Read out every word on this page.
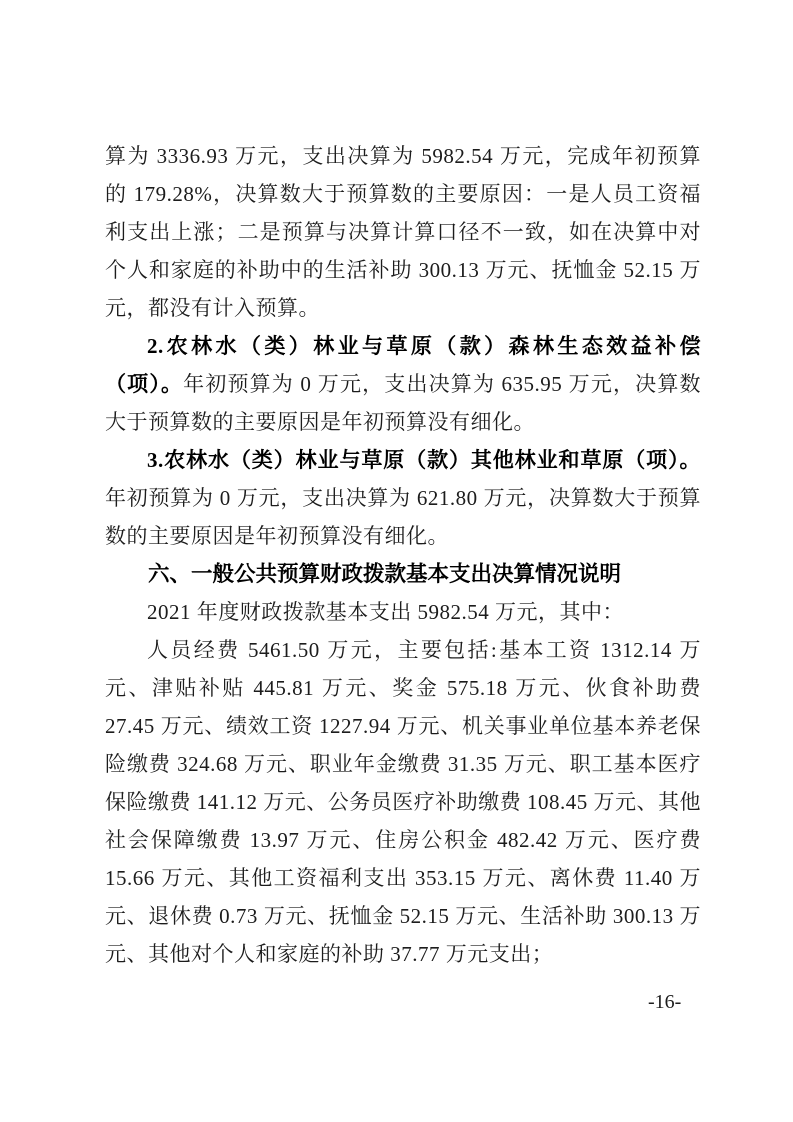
算为 3336.93 万元，支出决算为 5982.54 万元，完成年初预算的 179.28%，决算数大于预算数的主要原因：一是人员工资福利支出上涨；二是预算与决算计算口径不一致，如在决算中对个人和家庭的补助中的生活补助 300.13 万元、抚恤金 52.15 万元，都没有计入预算。

2.农林水（类）林业与草原（款）森林生态效益补偿（项）。年初预算为 0 万元，支出决算为 635.95 万元，决算数大于预算数的主要原因是年初预算没有细化。

3.农林水（类）林业与草原（款）其他林业和草原（项）。年初预算为 0 万元，支出决算为 621.80 万元，决算数大于预算数的主要原因是年初预算没有细化。

六、一般公共预算财政拨款基本支出决算情况说明

2021 年度财政拨款基本支出 5982.54 万元，其中：

人员经费 5461.50 万元，主要包括:基本工资 1312.14 万元、津贴补贴 445.81 万元、奖金 575.18 万元、伙食补助费 27.45 万元、绩效工资 1227.94 万元、机关事业单位基本养老保险缴费 324.68 万元、职业年金缴费 31.35 万元、职工基本医疗保险缴费 141.12 万元、公务员医疗补助缴费 108.45 万元、其他社会保障缴费 13.97 万元、住房公积金 482.42 万元、医疗费 15.66 万元、其他工资福利支出 353.15 万元、离休费 11.40 万元、退休费 0.73 万元、抚恤金 52.15 万元、生活补助 300.13 万元、其他对个人和家庭的补助 37.77 万元支出；

-16-
